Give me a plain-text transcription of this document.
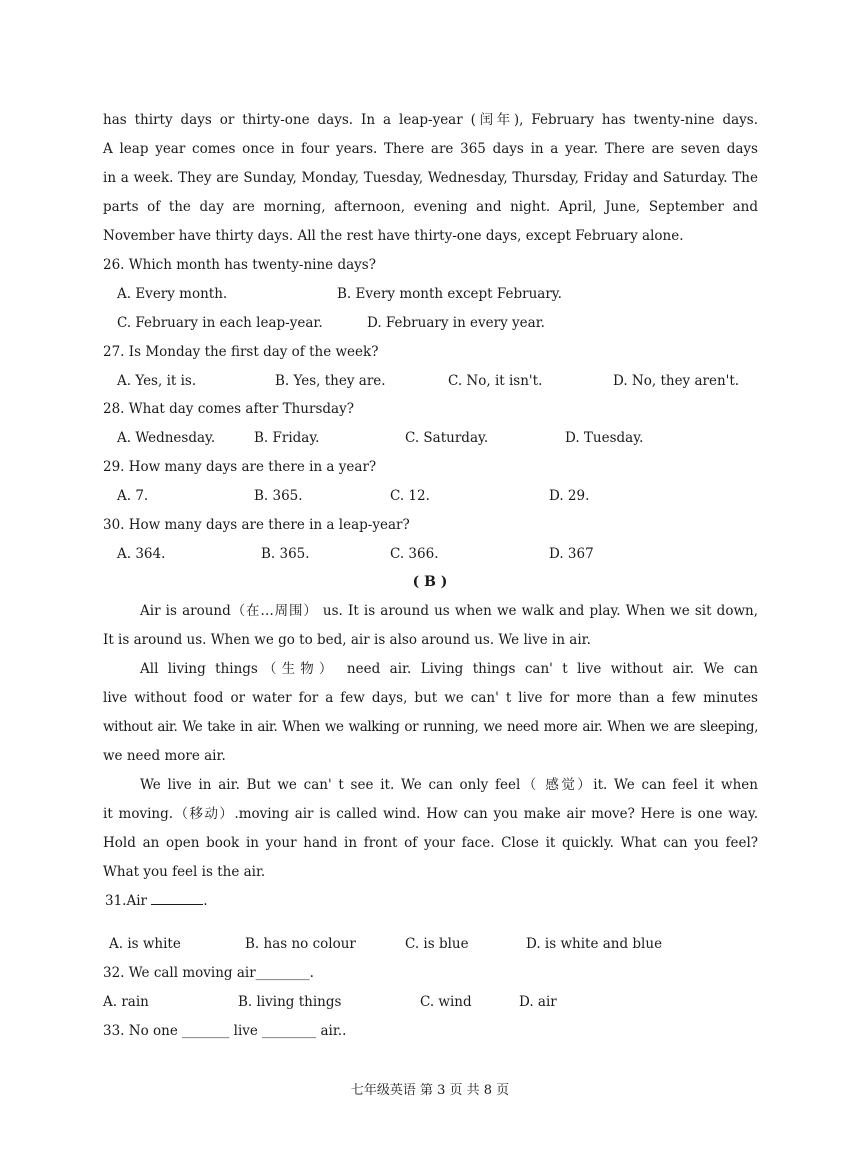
has thirty days or thirty-one days. In a leap-year (闰年), February has twenty-nine days.
A leap year comes once in four years. There are 365 days in a year. There are seven days
in a week. They are Sunday, Monday, Tuesday, Wednesday, Thursday, Friday and Saturday. The
parts of the day are morning, afternoon, evening and night. April, June, September and
November have thirty days. All the rest have thirty-one days, except February alone.
26. Which month has twenty-nine days?
A. Every month.	B. Every month except February.
C. February in each leap-year.	D. February in every year.
27. Is Monday the first day of the week?
A. Yes, it is.	B. Yes, they are.	C. No, it isn't.	D. No, they aren't.
28. What day comes after Thursday?
A. Wednesday.	B. Friday.	C. Saturday.	D. Tuesday.
29. How many days are there in a year?
A. 7.	B. 365.	C. 12.	D. 29.
30. How many days are there in a leap-year?
A. 364.	B. 365.	C. 366.	D. 367
( B )
Air is around（在…周围） us. It is around us when we walk and play. When we sit down,
It is around us. When we go to bed, air is also around us. We live in air.
All living things（生物） need air. Living things can' t live without air. We can
live without food or water for a few days, but we can' t live for more than a few minutes
without air. We take in air. When we walking or running, we need more air. When we are sleeping,
we need more air.
We live in air. But we can' t see it. We can only feel（ 感觉）it. We can feel it when
it moving.（移动）.moving air is called wind. How can you make air move? Here is one way.
Hold an open book in your hand in front of your face. Close it quickly. What can you feel?
What you feel is the air.
31.Air	.
A. is white	B. has no colour	C. is blue	D. is white and blue
32. We call moving air________.
A. rain	B. living things	C. wind	D. air
33. No one _______ live ________ air..
七年级英语 第 3 页 共 8 页
